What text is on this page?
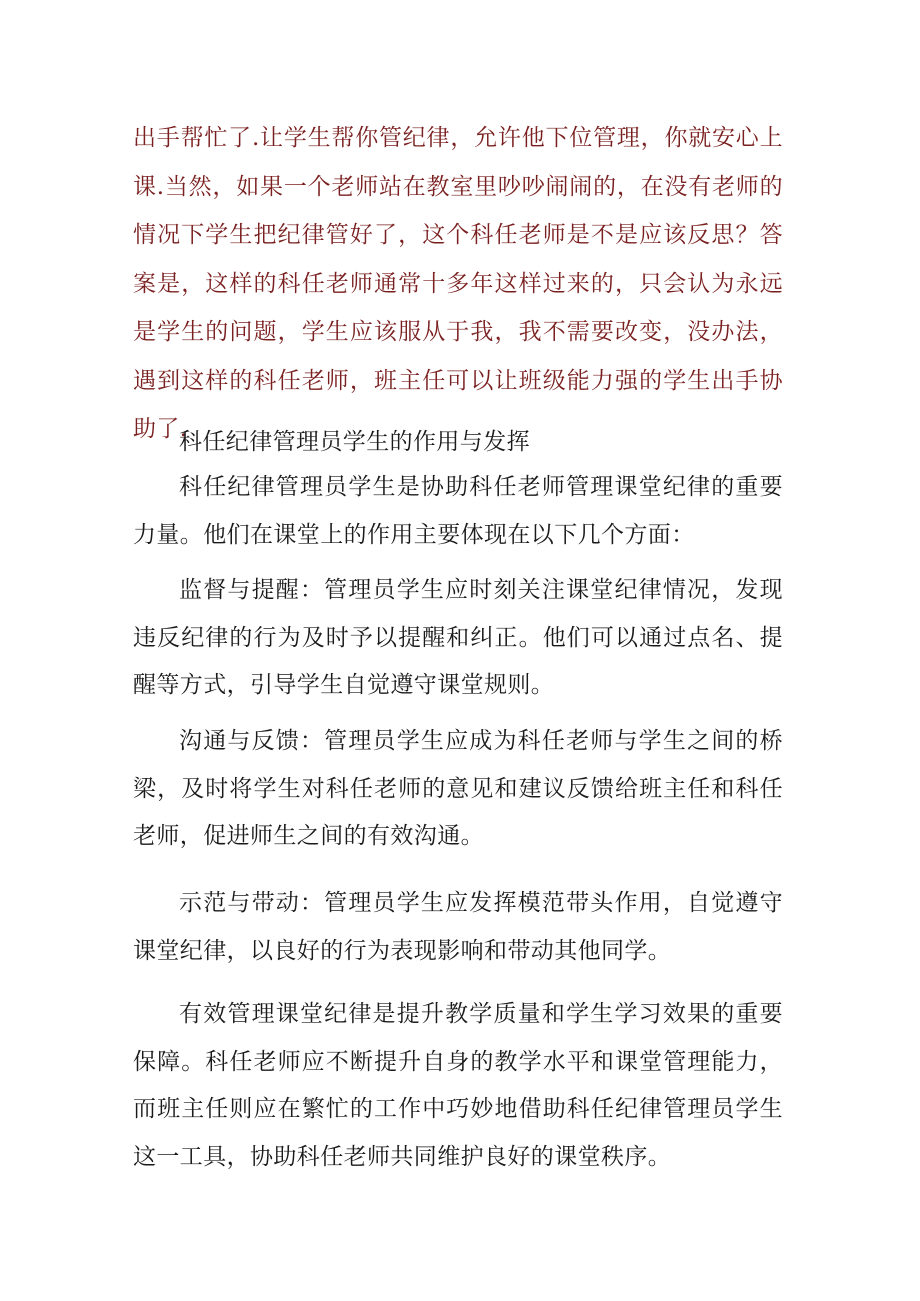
出手帮忙了.让学生帮你管纪律，允许他下位管理，你就安心上课.当然，如果一个老师站在教室里吵吵闹闹的，在没有老师的情况下学生把纪律管好了，这个科任老师是不是应该反思？答案是，这样的科任老师通常十多年这样过来的，只会认为永远是学生的问题，学生应该服从于我，我不需要改变，没办法，遇到这样的科任老师，班主任可以让班级能力强的学生出手协助了.

科任纪律管理员学生的作用与发挥

科任纪律管理员学生是协助科任老师管理课堂纪律的重要力量。他们在课堂上的作用主要体现在以下几个方面：

监督与提醒：管理员学生应时刻关注课堂纪律情况，发现违反纪律的行为及时予以提醒和纠正。他们可以通过点名、提醒等方式，引导学生自觉遵守课堂规则。

沟通与反馈：管理员学生应成为科任老师与学生之间的桥梁，及时将学生对科任老师的意见和建议反馈给班主任和科任老师，促进师生之间的有效沟通。

示范与带动：管理员学生应发挥模范带头作用，自觉遵守课堂纪律，以良好的行为表现影响和带动其他同学。

有效管理课堂纪律是提升教学质量和学生学习效果的重要保障。科任老师应不断提升自身的教学水平和课堂管理能力，而班主任则应在繁忙的工作中巧妙地借助科任纪律管理员学生这一工具，协助科任老师共同维护良好的课堂秩序。
